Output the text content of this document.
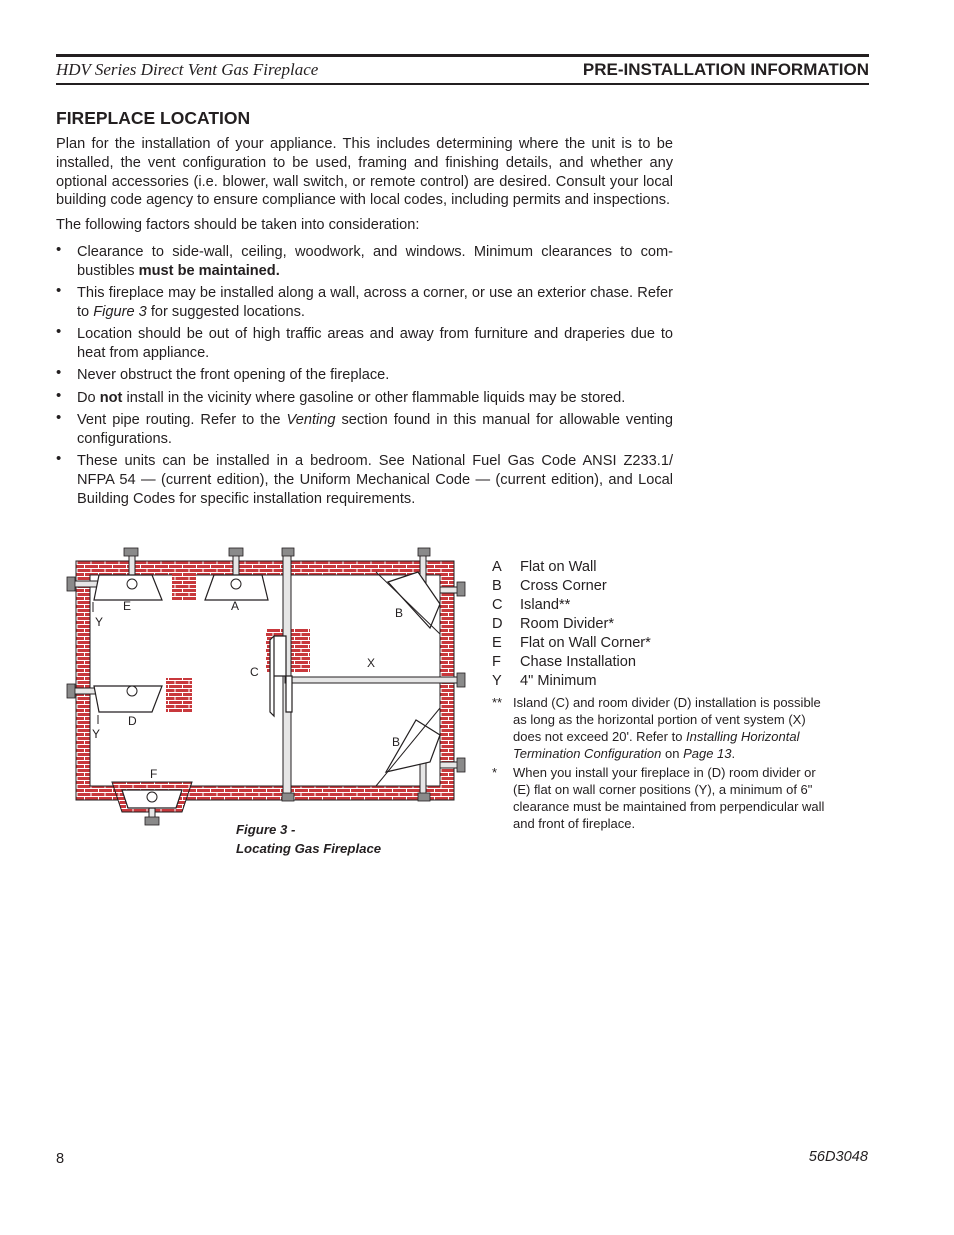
HDV Series Direct Vent Gas Fireplace	PRE-INSTALLATION INFORMATION
FIREPLACE LOCATION

Plan for the installation of your appliance. This includes determining where the unit is to be installed, the vent configuration to be used, framing and finishing details, and whether any optional accessories (i.e. blower, wall switch, or remote control) are desired. Consult your local building code agency to ensure compliance with local codes, including permits and inspections.

The following factors should be taken into consideration:

• Clearance to side-wall, ceiling, woodwork, and windows. Minimum clearances to com-bustibles must be maintained.
• This fireplace may be installed along a wall, across a corner, or use an exterior chase. Refer to Figure 3 for suggested locations.
• Location should be out of high traffic areas and away from furniture and draperies due to heat from appliance.
• Never obstruct the front opening of the fireplace.
• Do not install in the vicinity where gasoline or other flammable liquids may be stored.
• Vent pipe routing. Refer to the Venting section found in this manual for allowable venting configurations.
• These units can be installed in a bedroom. See National Fuel Gas Code ANSI Z233.1/ NFPA 54 — (current edition), the Uniform Mechanical Code — (current edition), and Local Building Codes for specific installation requirements.
E	A
Y
B
C
X
D
Y
B
F
Figure 3 -
Locating Gas Fireplace
A	Flat on Wall
B	Cross Corner
C	Island**
D	Room Divider*
E	Flat on Wall Corner*
F	Chase Installation
Y	4" Minimum
** Island (C) and room divider (D) installation is possible as long as the horizontal portion of vent system (X) does not exceed 20'. Refer to Installing Horizontal Termination Configuration on Page 13.
*	When you install your fireplace in (D) room divider or (E) flat on wall corner positions (Y), a minimum of 6" clearance must be maintained from perpendicular wall and front of fireplace.
8	56D3048
